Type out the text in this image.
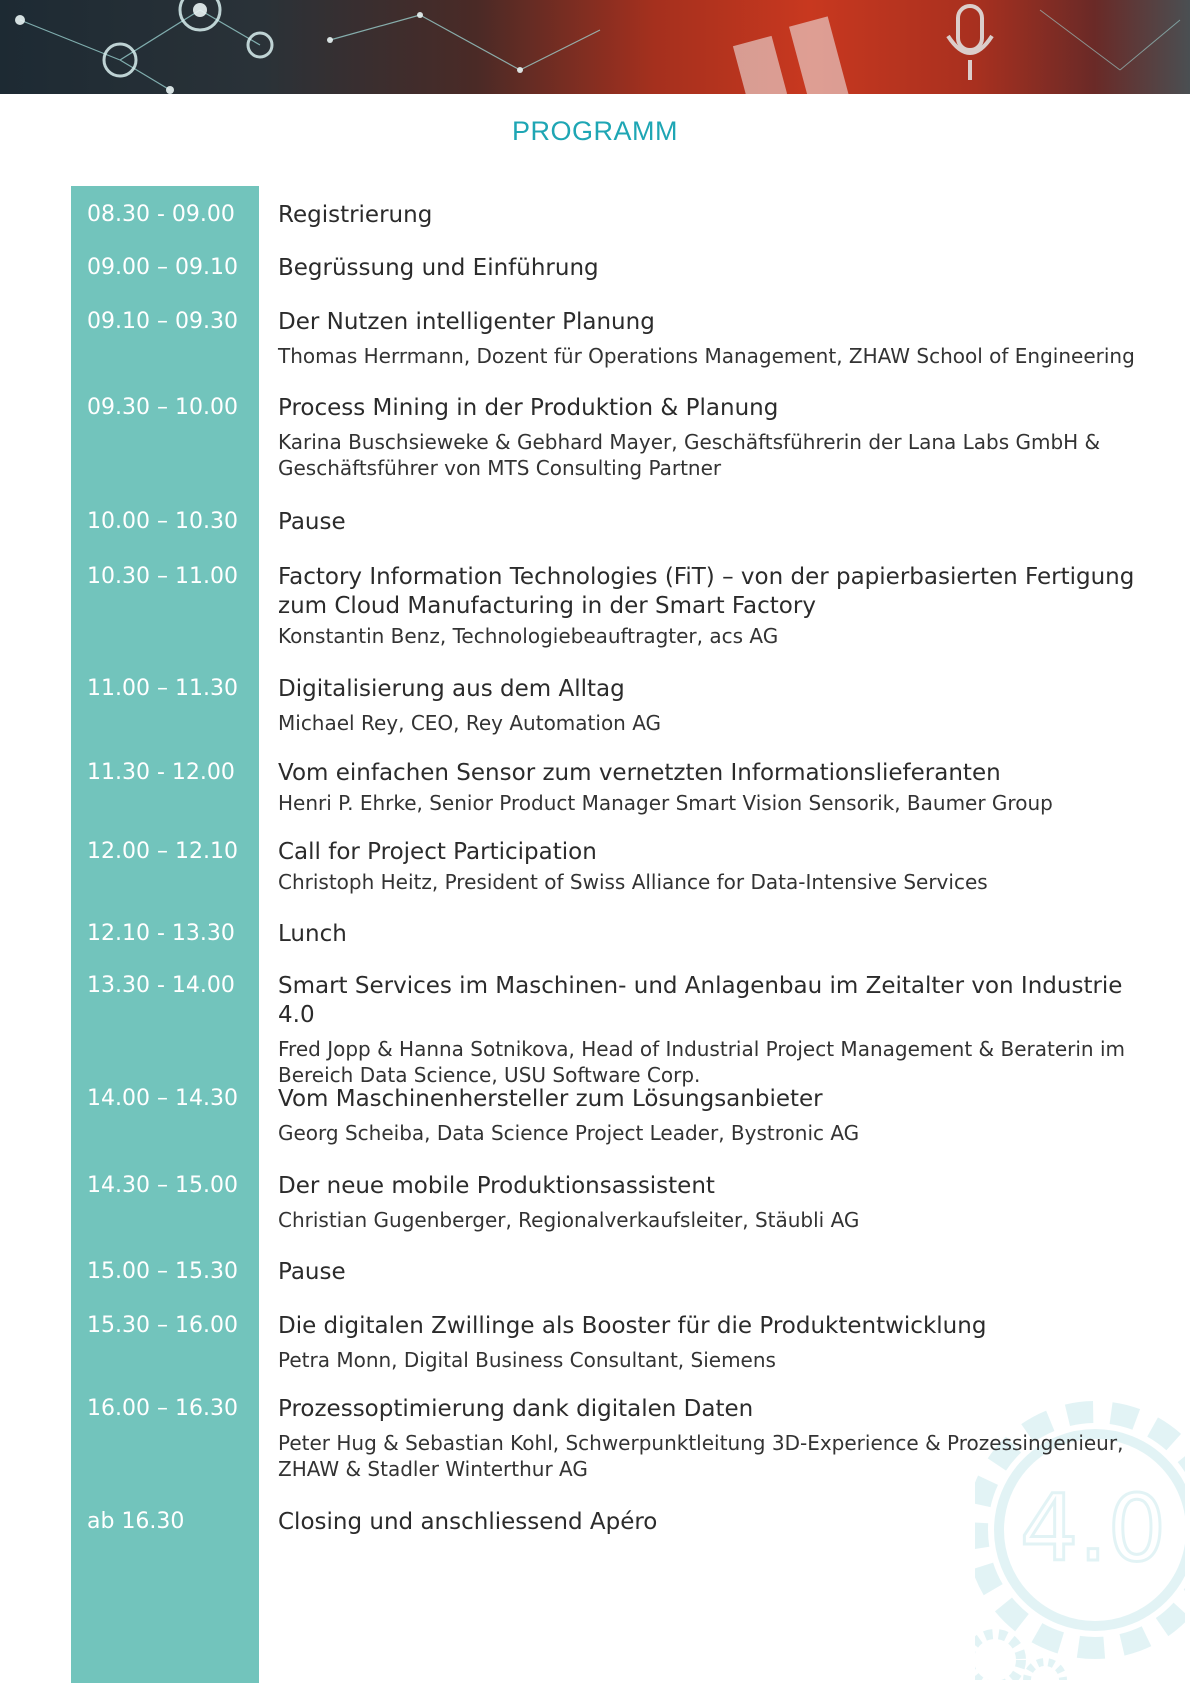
PROGRAMM
4.0
08.30 - 09.00 Registrierung
09.00 – 09.10 Begrüssung und Einführung
09.10 – 09.30 Der Nutzen intelligenter Planung
Thomas Herrmann, Dozent für Operations Management, ZHAW School of Engineering
09.30 – 10.00 Process Mining in der Produktion & Planung
Karina Buschsieweke & Gebhard Mayer, Geschäftsführerin der Lana Labs GmbH & Geschäftsführer von MTS Consulting Partner
10.00 – 10.30 Pause
10.30 – 11.00 Factory Information Technologies (FiT) – von der papierbasierten Fertigung zum Cloud Manufacturing in der Smart Factory
Konstantin Benz, Technologiebeauftragter, acs AG
11.00 – 11.30 Digitalisierung aus dem Alltag
Michael Rey, CEO, Rey Automation AG
11.30 - 12.00 Vom einfachen Sensor zum vernetzten Informationslieferanten
Henri P. Ehrke, Senior Product Manager Smart Vision Sensorik, Baumer Group
12.00 – 12.10 Call for Project Participation
Christoph Heitz, President of Swiss Alliance for Data-Intensive Services
12.10 - 13.30 Lunch
13.30 - 14.00 Smart Services im Maschinen- und Anlagenbau im Zeitalter von Industrie 4.0
Fred Jopp & Hanna Sotnikova, Head of Industrial Project Management & Beraterin im Bereich Data Science, USU Software Corp.
14.00 – 14.30 Vom Maschinenhersteller zum Lösungsanbieter
Georg Scheiba, Data Science Project Leader, Bystronic AG
14.30 – 15.00 Der neue mobile Produktionsassistent
Christian Gugenberger, Regionalverkaufsleiter, Stäubli AG
15.00 – 15.30 Pause
15.30 – 16.00 Die digitalen Zwillinge als Booster für die Produktentwicklung
Petra Monn, Digital Business Consultant, Siemens
16.00 – 16.30 Prozessoptimierung dank digitalen Daten
Peter Hug & Sebastian Kohl, Schwerpunktleitung 3D-Experience & Prozessingenieur, ZHAW & Stadler Winterthur AG
ab 16.30	Closing und anschliessend Apéro
